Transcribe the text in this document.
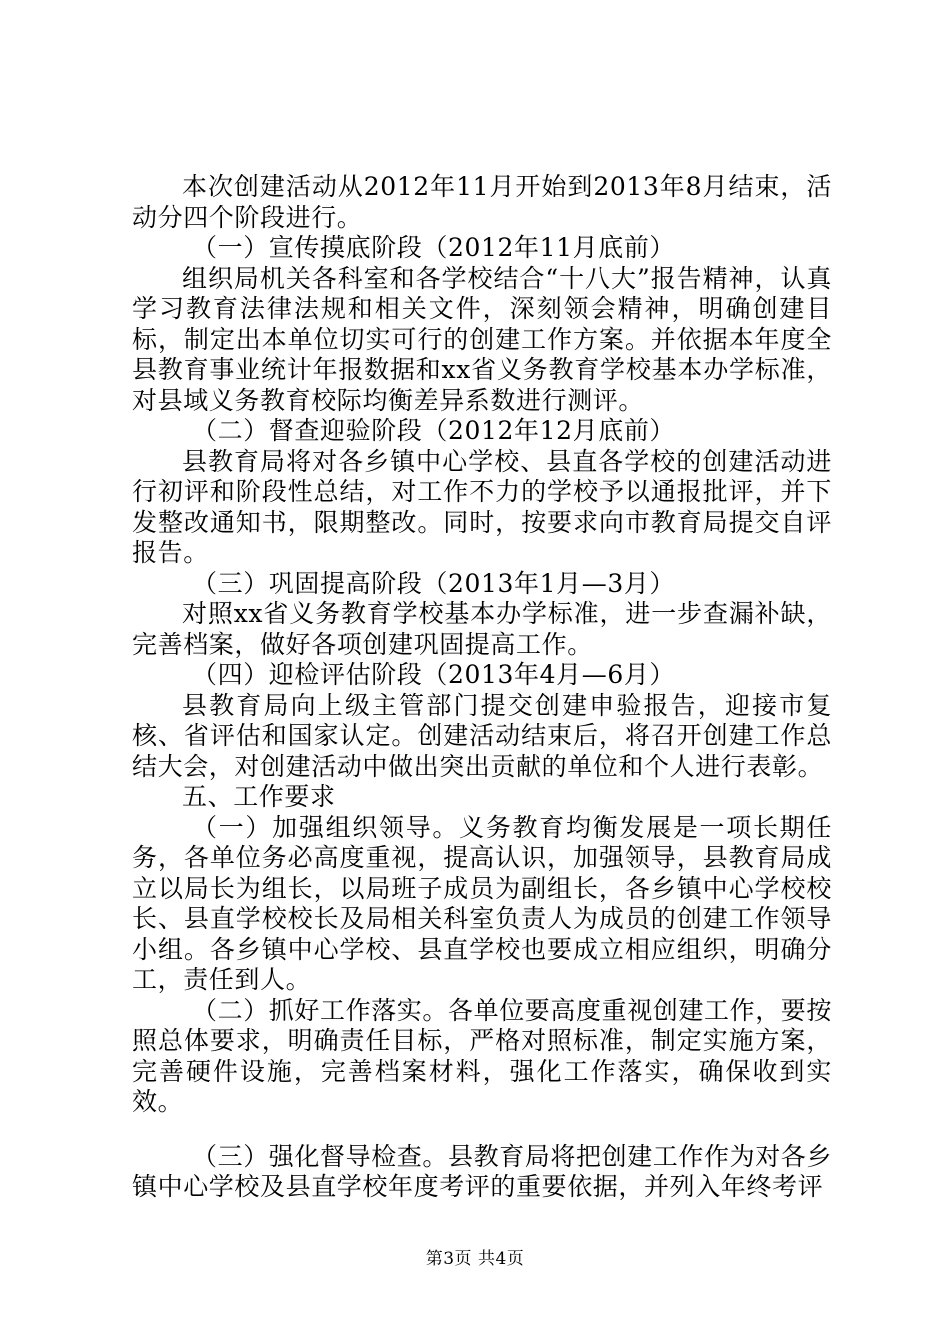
本次创建活动从2012年11月开始到2013年8月结束，活动分四个阶段进行。

（一）宣传摸底阶段（2012年11月底前）

组织局机关各科室和各学校结合“十八大”报告精神，认真学习教育法律法规和相关文件，深刻领会精神，明确创建目标，制定出本单位切实可行的创建工作方案。并依据本年度全县教育事业统计年报数据和xx省义务教育学校基本办学标准，对县域义务教育校际均衡差异系数进行测评。

（二）督查迎验阶段（2012年12月底前）

县教育局将对各乡镇中心学校、县直各学校的创建活动进行初评和阶段性总结，对工作不力的学校予以通报批评，并下发整改通知书，限期整改。同时，按要求向市教育局提交自评报告。

（三）巩固提高阶段（2013年1月—3月）

对照xx省义务教育学校基本办学标准，进一步查漏补缺，完善档案，做好各项创建巩固提高工作。

（四）迎检评估阶段（2013年4月—6月）

县教育局向上级主管部门提交创建申验报告，迎接市复核、省评估和国家认定。创建活动结束后，将召开创建工作总结大会，对创建活动中做出突出贡献的单位和个人进行表彰。

五、工作要求

（一）加强组织领导。义务教育均衡发展是一项长期任务，各单位务必高度重视，提高认识，加强领导，县教育局成立以局长为组长，以局班子成员为副组长，各乡镇中心学校校长、县直学校校长及局相关科室负责人为成员的创建工作领导小组。各乡镇中心学校、县直学校也要成立相应组织，明确分工，责任到人。

（二）抓好工作落实。各单位要高度重视创建工作，要按照总体要求，明确责任目标，严格对照标准，制定实施方案，完善硬件设施，完善档案材料，强化工作落实，确保收到实效。

（三）强化督导检查。县教育局将把创建工作作为对各乡镇中心学校及县直学校年度考评的重要依据，并列入年终考评

第3页 共4页
